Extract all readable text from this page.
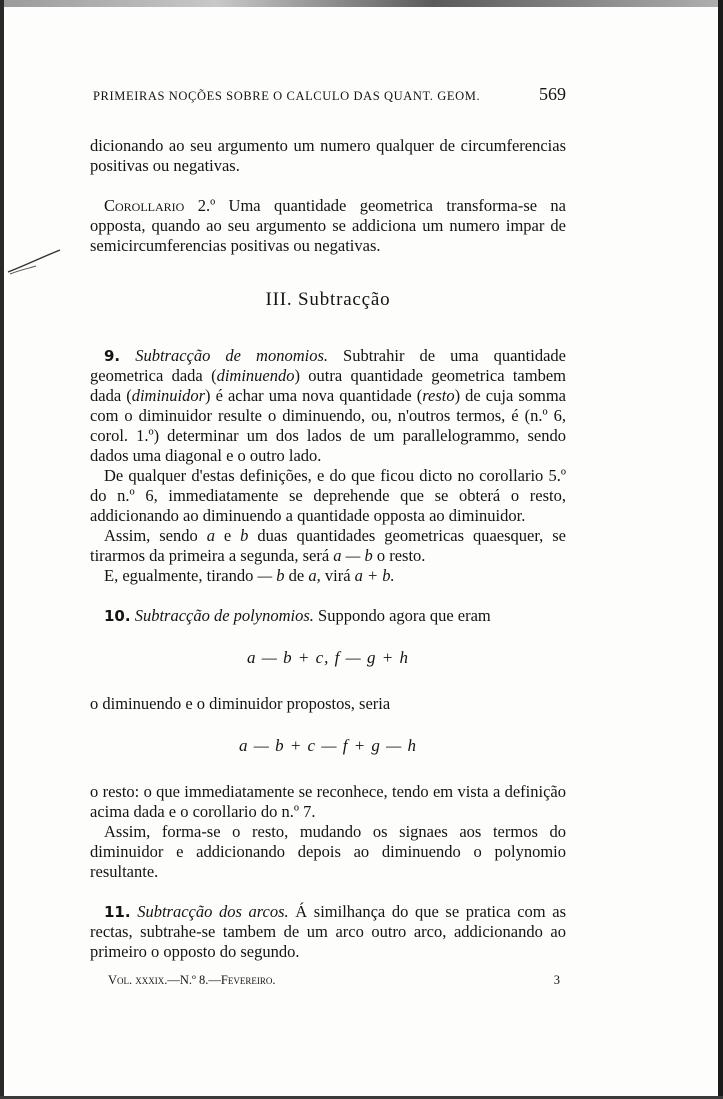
PRIMEIRAS NOÇÕES SOBRE O CALCULO DAS QUANT. GEOM.	569

dicionando ao seu argumento um numero qualquer de circumferencias positivas ou negativas.

Corollario 2.º Uma quantidade geometrica transforma-se na opposta, quando ao seu argumento se addiciona um numero impar de semicircumferencias positivas ou negativas.

III. Subtracção

9. Subtracção de monomios. Subtrahir de uma quantidade geometrica dada (diminuendo) outra quantidade geometrica tambem dada (diminuidor) é achar uma nova quantidade (resto) de cuja somma com o diminuidor resulte o diminuendo, ou, n'outros termos, é (n.º 6, corol. 1.º) determinar um dos lados de um parallelogrammo, sendo dados uma diagonal e o outro lado.

De qualquer d'estas definições, e do que ficou dicto no corollario 5.º do n.º 6, immediatamente se deprehende que se obterá o resto, addicionando ao diminuendo a quantidade opposta ao diminuidor.

Assim, sendo a e b duas quantidades geometricas quaesquer, se tirarmos da primeira a segunda, será a — b o resto.

E, egualmente, tirando — b de a, virá a + b.

10. Subtracção de polynomios. Suppondo agora que eram

a — b + c, f — g + h

o diminuendo e o diminuidor propostos, seria

a — b + c — f + g — h

o resto: o que immediatamente se reconhece, tendo em vista a definição acima dada e o corollario do n.º 7.

Assim, forma-se o resto, mudando os signaes aos termos do diminuidor e addicionando depois ao diminuendo o polynomio resultante.

11. Subtracção dos arcos. Á similhança do que se pratica com as rectas, subtrahe-se tambem de um arco outro arco, addicionando ao primeiro o opposto do segundo.

Vol. xxxix.—N.º 8.—Fevereiro.	3
